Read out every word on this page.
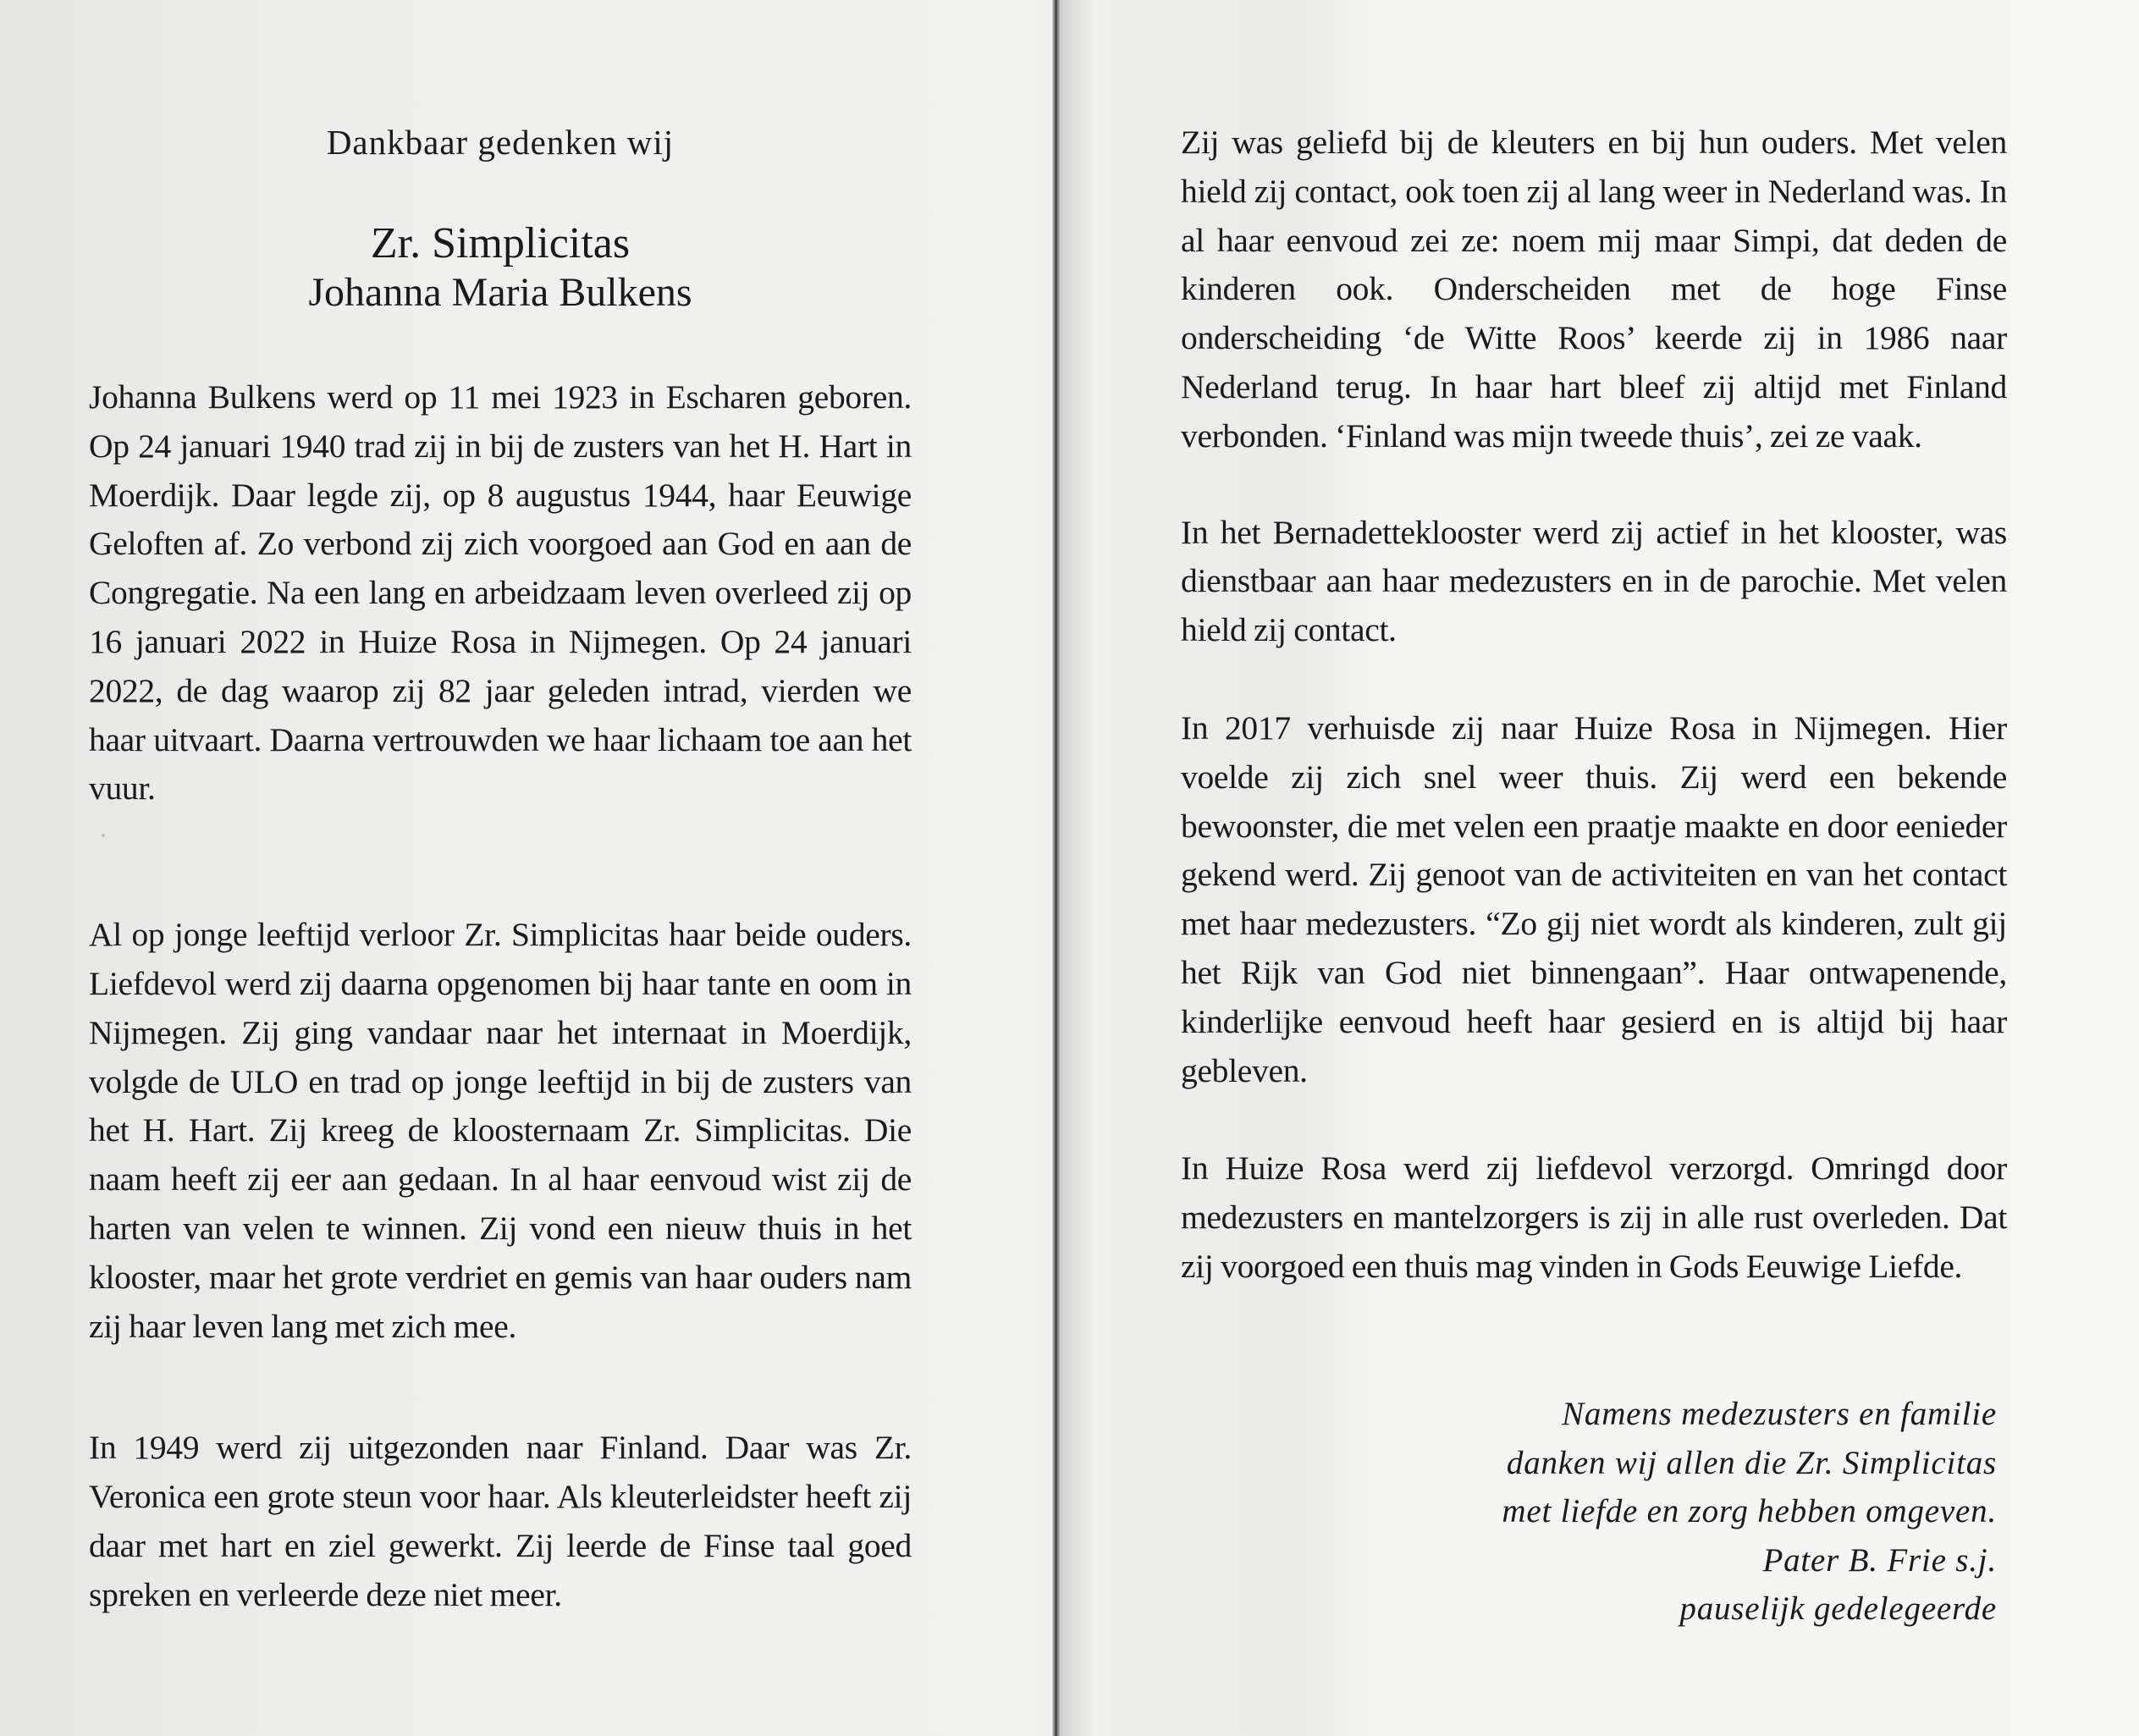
Dankbaar gedenken wij
Zr. Simplicitas
Johanna Maria Bulkens

Johanna Bulkens werd op 11 mei 1923 in Escharen geboren. Op 24 januari 1940 trad zij in bij de zusters van het H. Hart in Moerdijk. Daar legde zij, op 8 augustus 1944, haar Eeuwige Geloften af. Zo verbond zij zich voorgoed aan God en aan de Congregatie. Na een lang en arbeidzaam leven overleed zij op 16 januari 2022 in Huize Rosa in Nijmegen. Op 24 januari 2022, de dag waarop zij 82 jaar geleden intrad, vierden we haar uitvaart. Daarna vertrouwden we haar lichaam toe aan het vuur.

Al op jonge leeftijd verloor Zr. Simplicitas haar beide ouders. Liefdevol werd zij daarna opgenomen bij haar tante en oom in Nijmegen. Zij ging vandaar naar het internaat in Moerdijk, volgde de ULO en trad op jonge leeftijd in bij de zusters van het H. Hart. Zij kreeg de kloosternaam Zr. Simplicitas. Die naam heeft zij eer aan gedaan. In al haar eenvoud wist zij de harten van velen te winnen. Zij vond een nieuw thuis in het klooster, maar het grote verdriet en gemis van haar ouders nam zij haar leven lang met zich mee.

In 1949 werd zij uitgezonden naar Finland. Daar was Zr. Veronica een grote steun voor haar. Als kleuterleidster heeft zij daar met hart en ziel gewerkt. Zij leerde de Finse taal goed spreken en verleerde deze niet meer.

Zij was geliefd bij de kleuters en bij hun ouders. Met velen hield zij contact, ook toen zij al lang weer in Nederland was. In al haar eenvoud zei ze: noem mij maar Simpi, dat deden de kinderen ook. Onderscheiden met de hoge Finse onderscheiding ‘de Witte Roos’ keerde zij in 1986 naar Nederland terug. In haar hart bleef zij altijd met Finland verbonden. ‘Finland was mijn tweede thuis’, zei ze vaak.

In het Bernadetteklooster werd zij actief in het klooster, was dienstbaar aan haar medezusters en in de parochie. Met velen hield zij contact.

In 2017 verhuisde zij naar Huize Rosa in Nijmegen. Hier voelde zij zich snel weer thuis. Zij werd een bekende bewoonster, die met velen een praatje maakte en door eenieder gekend werd. Zij genoot van de activiteiten en van het contact met haar medezusters. “Zo gij niet wordt als kinderen, zult gij het Rijk van God niet binnengaan”. Haar ontwapenende, kinderlijke eenvoud heeft haar gesierd en is altijd bij haar gebleven.

In Huize Rosa werd zij liefdevol verzorgd. Omringd door medezusters en mantelzorgers is zij in alle rust overleden. Dat zij voorgoed een thuis mag vinden in Gods Eeuwige Liefde.

Namens medezusters en familie
danken wij allen die Zr. Simplicitas
met liefde en zorg hebben omgeven.
Pater B. Frie s.j.
pauselijk gedelegeerde
